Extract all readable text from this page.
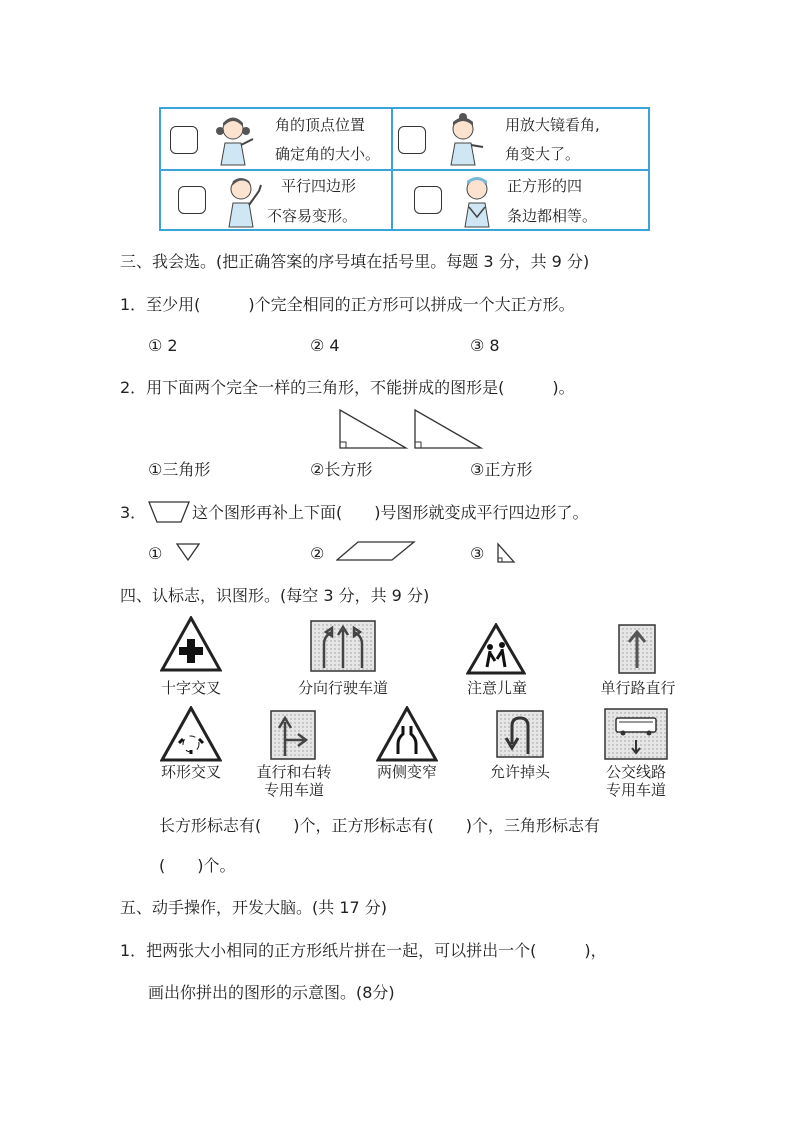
角的顶点位置
确定角的大小。
用放大镜看角,
角变大了。
平行四边形
不容易变形。
正方形的四
条边都相等。
三、我会选。(把正确答案的序号填在括号里。每题 3 分，共 9 分)
1．至少用(　　　)个完全相同的正方形可以拼成一个大正方形。
① 2	② 4	③ 8
2．用下面两个完全一样的三角形，不能拼成的图形是(　　　)。
①三角形	②长方形	③正方形
3．	这个图形再补上下面(　　)号图形就变成平行四边形了。
①	②	③
四、认标志，识图形。(每空 3 分，共 9 分)
十字交叉	分向行驶车道	注意儿童	单行路直行
环形交叉	直行和右转
专用车道
两侧变窄	允许掉头	公交线路
专用车道
长方形标志有(　　)个，正方形标志有(　　)个，三角形标志有
(　　)个。
五、动手操作，开发大脑。(共 17 分)
1．把两张大小相同的正方形纸片拼在一起，可以拼出一个(　　　)，
画出你拼出的图形的示意图。(8分)
